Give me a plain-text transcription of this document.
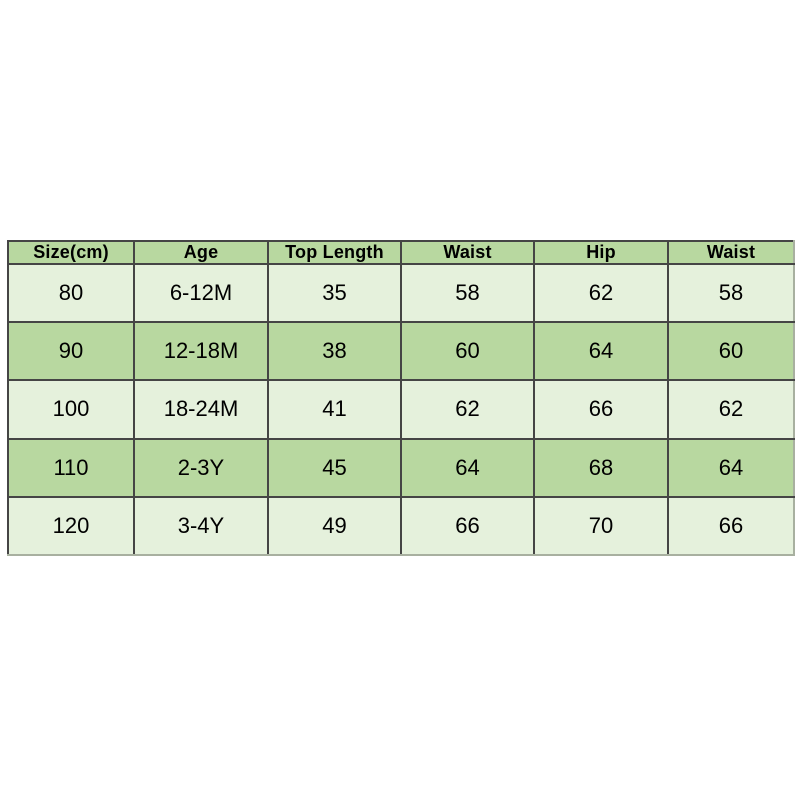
Size(cm)	Age	Top Length	Waist	Hip	Waist
80	6-12M	35	58	62	58
90	12-18M	38	60	64	60
100	18-24M	41	62	66	62
110	2-3Y	45	64	68	64
120	3-4Y	49	66	70	66
